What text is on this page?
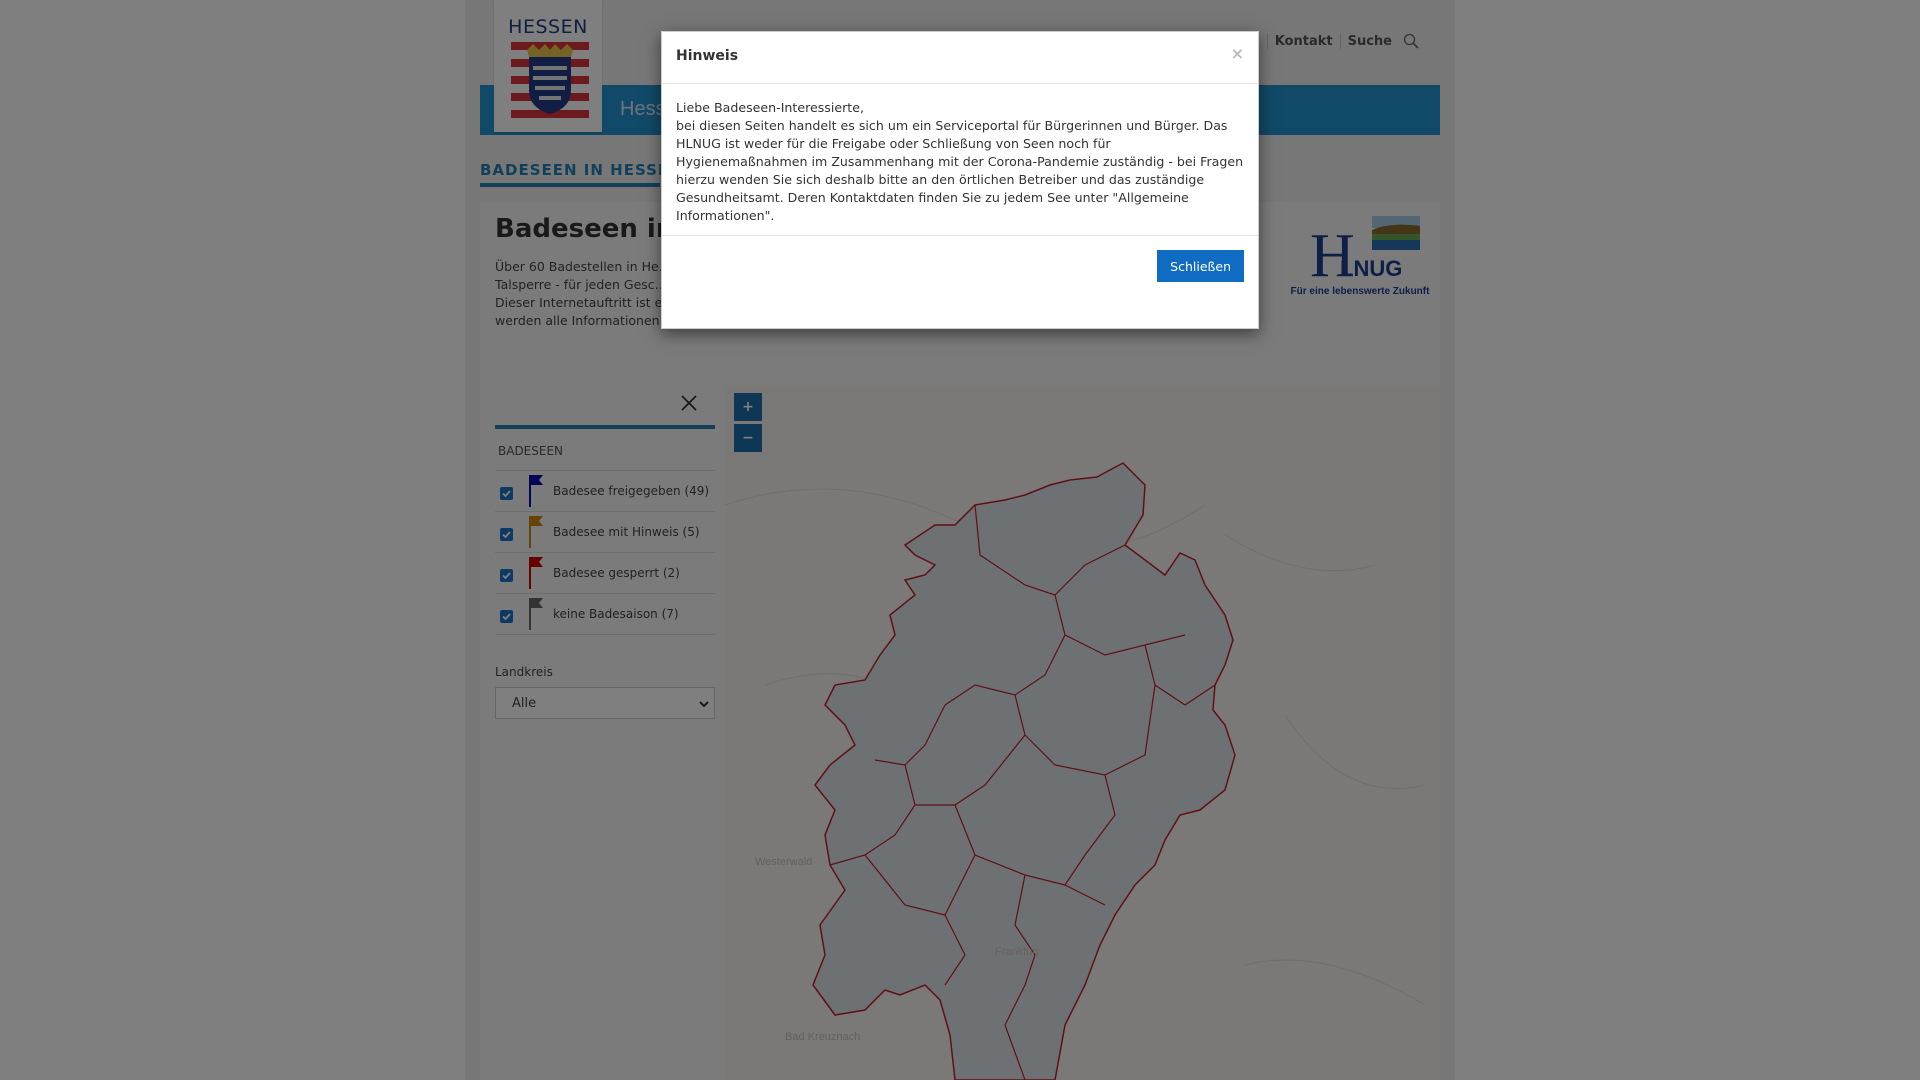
Hinweis	×

Liebe Badeseen-Interessierte,

bei diesen Seiten handelt es sich um ein Serviceportal für Bürgerinnen und Bürger. Das HLNUG ist weder für die Freigabe oder Schließung von Seen noch für Hygienemaßnahmen im Zusammenhang mit der Corona-Pandemie zuständig - bei Fragen hierzu wenden Sie sich deshalb bitte an den örtlichen Betreiber und das zuständige Gesundheitsamt. Deren Kontaktdaten finden Sie zu jedem See unter "Allgemeine Informationen".

Schließen
